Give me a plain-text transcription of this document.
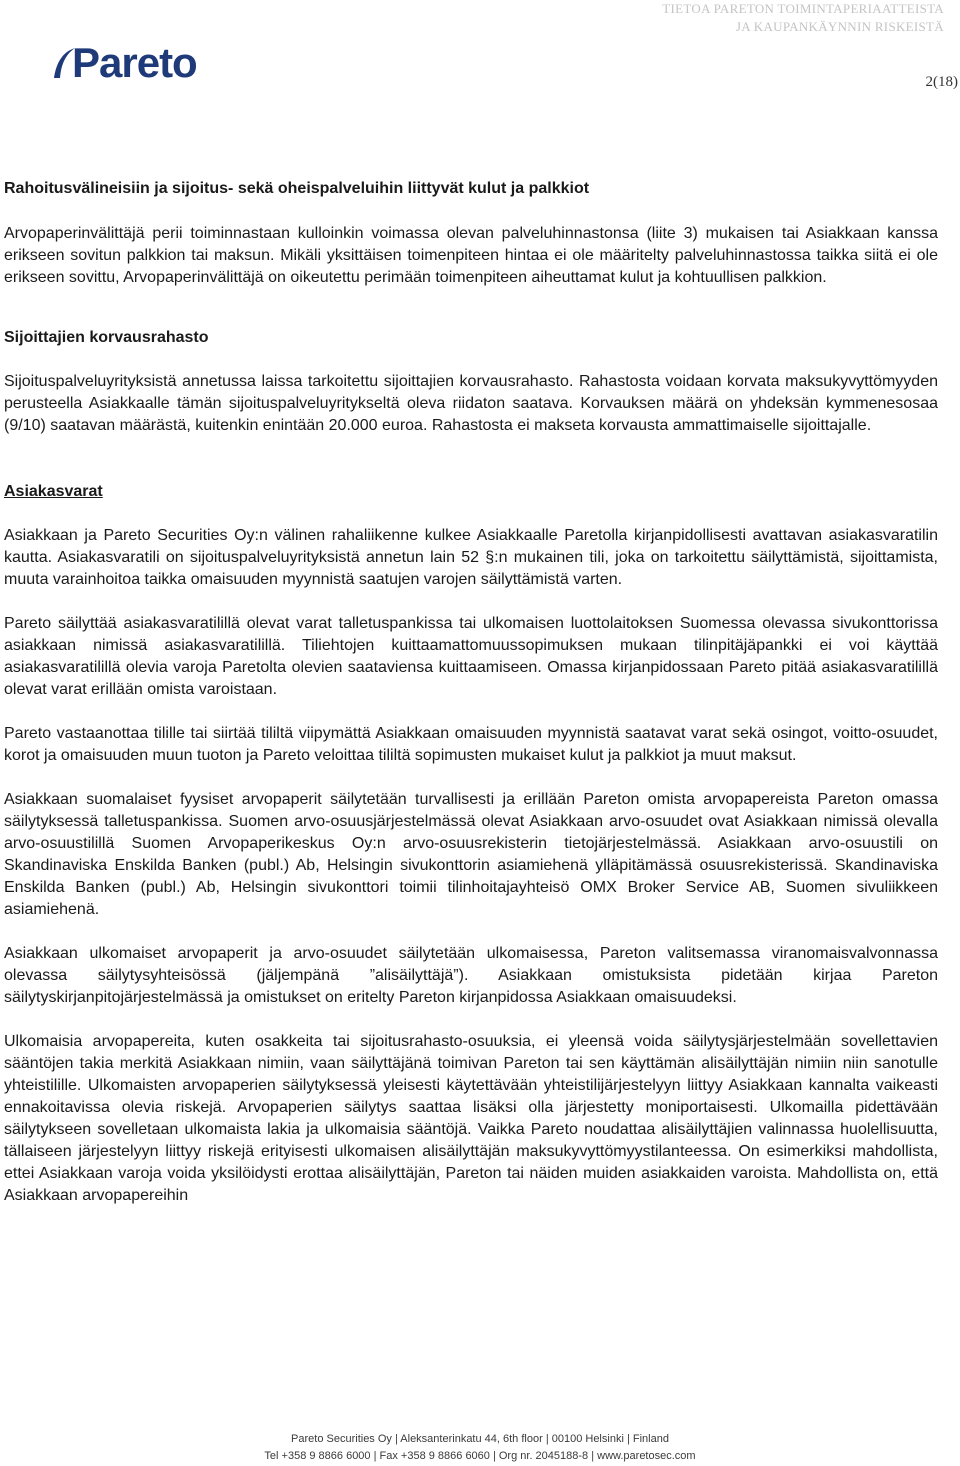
TIETOA PARETON TOIMINTAPERIAATTEISTA
JA KAUPANKÄYNNIN RISKEISTÄ
Pareto	2(18)
Rahoitusvälineisiin ja sijoitus- sekä oheispalveluihin liittyvät kulut ja palkkiot

Arvopaperinvälittäjä perii toiminnastaan kulloinkin voimassa olevan palveluhinnastonsa (liite 3) mukaisen tai Asiakkaan kanssa erikseen sovitun palkkion tai maksun. Mikäli yksittäisen toimenpiteen hintaa ei ole määritelty palveluhinnastossa taikka siitä ei ole erikseen sovittu, Arvopaperinvälittäjä on oikeutettu perimään toimenpiteen aiheuttamat kulut ja kohtuullisen palkkion.

Sijoittajien korvausrahasto

Sijoituspalveluyrityksistä annetussa laissa tarkoitettu sijoittajien korvausrahasto. Rahastosta voidaan korvata maksukyvyttömyyden perusteella Asiakkaalle tämän sijoituspalveluyritykseltä oleva riidaton saatava. Korvauksen määrä on yhdeksän kymmenesosaa (9/10) saatavan määrästä, kuitenkin enintään 20.000 euroa. Rahastosta ei makseta korvausta ammattimaiselle sijoittajalle.

Asiakasvarat

Asiakkaan ja Pareto Securities Oy:n välinen rahaliikenne kulkee Asiakkaalle Paretolla kirjanpidollisesti avattavan asiakasvaratilin kautta. Asiakasvaratili on sijoituspalveluyrityksistä annetun lain 52 §:n mukainen tili, joka on tarkoitettu säilyttämistä, sijoittamista, muuta varainhoitoa taikka omaisuuden myynnistä saatujen varojen säilyttämistä varten.

Pareto säilyttää asiakasvaratilillä olevat varat talletuspankissa tai ulkomaisen luottolaitoksen Suomessa olevassa sivukonttorissa asiakkaan nimissä asiakasvaratilillä. Tiliehtojen kuittaamattomuussopimuksen mukaan tilinpitäjäpankki ei voi käyttää asiakasvaratilillä olevia varoja Paretolta olevien saataviensa kuittaamiseen. Omassa kirjanpidossaan Pareto pitää asiakasvaratilillä olevat varat erillään omista varoistaan.

Pareto vastaanottaa tilille tai siirtää tililtä viipymättä Asiakkaan omaisuuden myynnistä saatavat varat sekä osingot, voitto-osuudet, korot ja omaisuuden muun tuoton ja Pareto veloittaa tililtä sopimusten mukaiset kulut ja palkkiot ja muut maksut.

Asiakkaan suomalaiset fyysiset arvopaperit säilytetään turvallisesti ja erillään Pareton omista arvopapereista Pareton omassa säilytyksessä talletuspankissa. Suomen arvo-osuusjärjestelmässä olevat Asiakkaan arvo-osuudet ovat Asiakkaan nimissä olevalla arvo-osuustilillä Suomen Arvopaperikeskus Oy:n arvo-osuusrekisterin tietojärjestelmässä. Asiakkaan arvo-osuustili on Skandinaviska Enskilda Banken (publ.) Ab, Helsingin sivukonttorin asiamiehenä ylläpitämässä osuusrekisterissä. Skandinaviska Enskilda Banken (publ.) Ab, Helsingin sivukonttori toimii tilinhoitajayhteisö OMX Broker Service AB, Suomen sivuliikkeen asiamiehenä.

Asiakkaan ulkomaiset arvopaperit ja arvo-osuudet säilytetään ulkomaisessa, Pareton valitsemassa viranomaisvalvonnassa olevassa säilytysyhteisössä (jäljempänä ”alisäilyttäjä”). Asiakkaan omistuksista pidetään kirjaa Pareton säilytyskirjanpitojärjestelmässä ja omistukset on eritelty Pareton kirjanpidossa Asiakkaan omaisuudeksi.

Ulkomaisia arvopapereita, kuten osakkeita tai sijoitusrahasto-osuuksia, ei yleensä voida säilytysjärjestelmään sovellettavien sääntöjen takia merkitä Asiakkaan nimiin, vaan säilyttäjänä toimivan Pareton tai sen käyttämän alisäilyttäjän nimiin niin sanotulle yhteistilille. Ulkomaisten arvopaperien säilytyksessä yleisesti käytettävään yhteistilijärjestelyyn liittyy Asiakkaan kannalta vaikeasti ennakoitavissa olevia riskejä. Arvopaperien säilytys saattaa lisäksi olla järjestetty moniportaisesti. Ulkomailla pidettävään säilytykseen sovelletaan ulkomaista lakia ja ulkomaisia sääntöjä. Vaikka Pareto noudattaa alisäilyttäjien valinnassa huolellisuutta, tällaiseen järjestelyyn liittyy riskejä erityisesti ulkomaisen alisäilyttäjän maksukyvyttömyystilanteessa. On esimerkiksi mahdollista, ettei Asiakkaan varoja voida yksilöidysti erottaa alisäilyttäjän, Pareton tai näiden muiden asiakkaiden varoista. Mahdollista on, että Asiakkaan arvopapereihin

Pareto Securities Oy | Aleksanterinkatu 44, 6th floor | 00100 Helsinki | Finland
Tel +358 9 8866 6000 | Fax +358 9 8866 6060 | Org nr. 2045188-8 | www.paretosec.com
